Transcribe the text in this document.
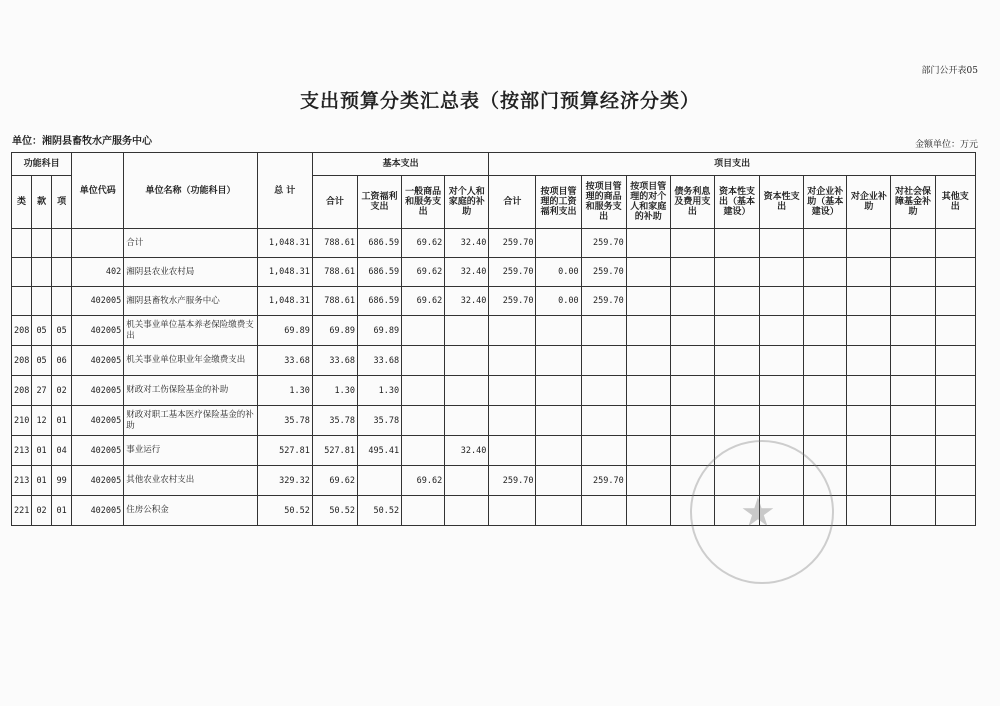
部门公开表05
支出预算分类汇总表（按部门预算经济分类）
单位：湘阴县畜牧水产服务中心	金额单位：万元
功能科目			单位代码	单位名称（功能科目）	总 计	基本支出				项目支出										
类	款	项				合计	工资福利支出	一般商品和服务支出	对个人和家庭的补助	合计	按项目管理的工资福利支出	按项目管理的商品和服务支出	按项目管理的对个人和家庭的补助	债务利息及费用支出	资本性支出（基本建设）	资本性支出	对企业补助（基本建设）	对企业补助	对社会保障基金补助	其他支出
				合计	1,048.31	788.61	686.59	69.62	32.40	259.70		259.70								
			402	湘阴县农业农村局	1,048.31	788.61	686.59	69.62	32.40	259.70	0.00	259.70								
			402005	湘阴县畜牧水产服务中心	1,048.31	788.61	686.59	69.62	32.40	259.70	0.00	259.70								
208	05	05	402005	机关事业单位基本养老保险缴费支出	69.89	69.89	69.89													
208	05	06	402005	机关事业单位职业年金缴费支出	33.68	33.68	33.68													
208	27	02	402005	财政对工伤保险基金的补助	1.30	1.30	1.30													
210	12	01	402005	财政对职工基本医疗保险基金的补助	35.78	35.78	35.78													
213	01	04	402005	事业运行	527.81	527.81	495.41		32.40											
213	01	99	402005	其他农业农村支出	329.32	69.62		69.62		259.70		259.70								
221	02	01	402005	住房公积金	50.52	50.52	50.52														★
